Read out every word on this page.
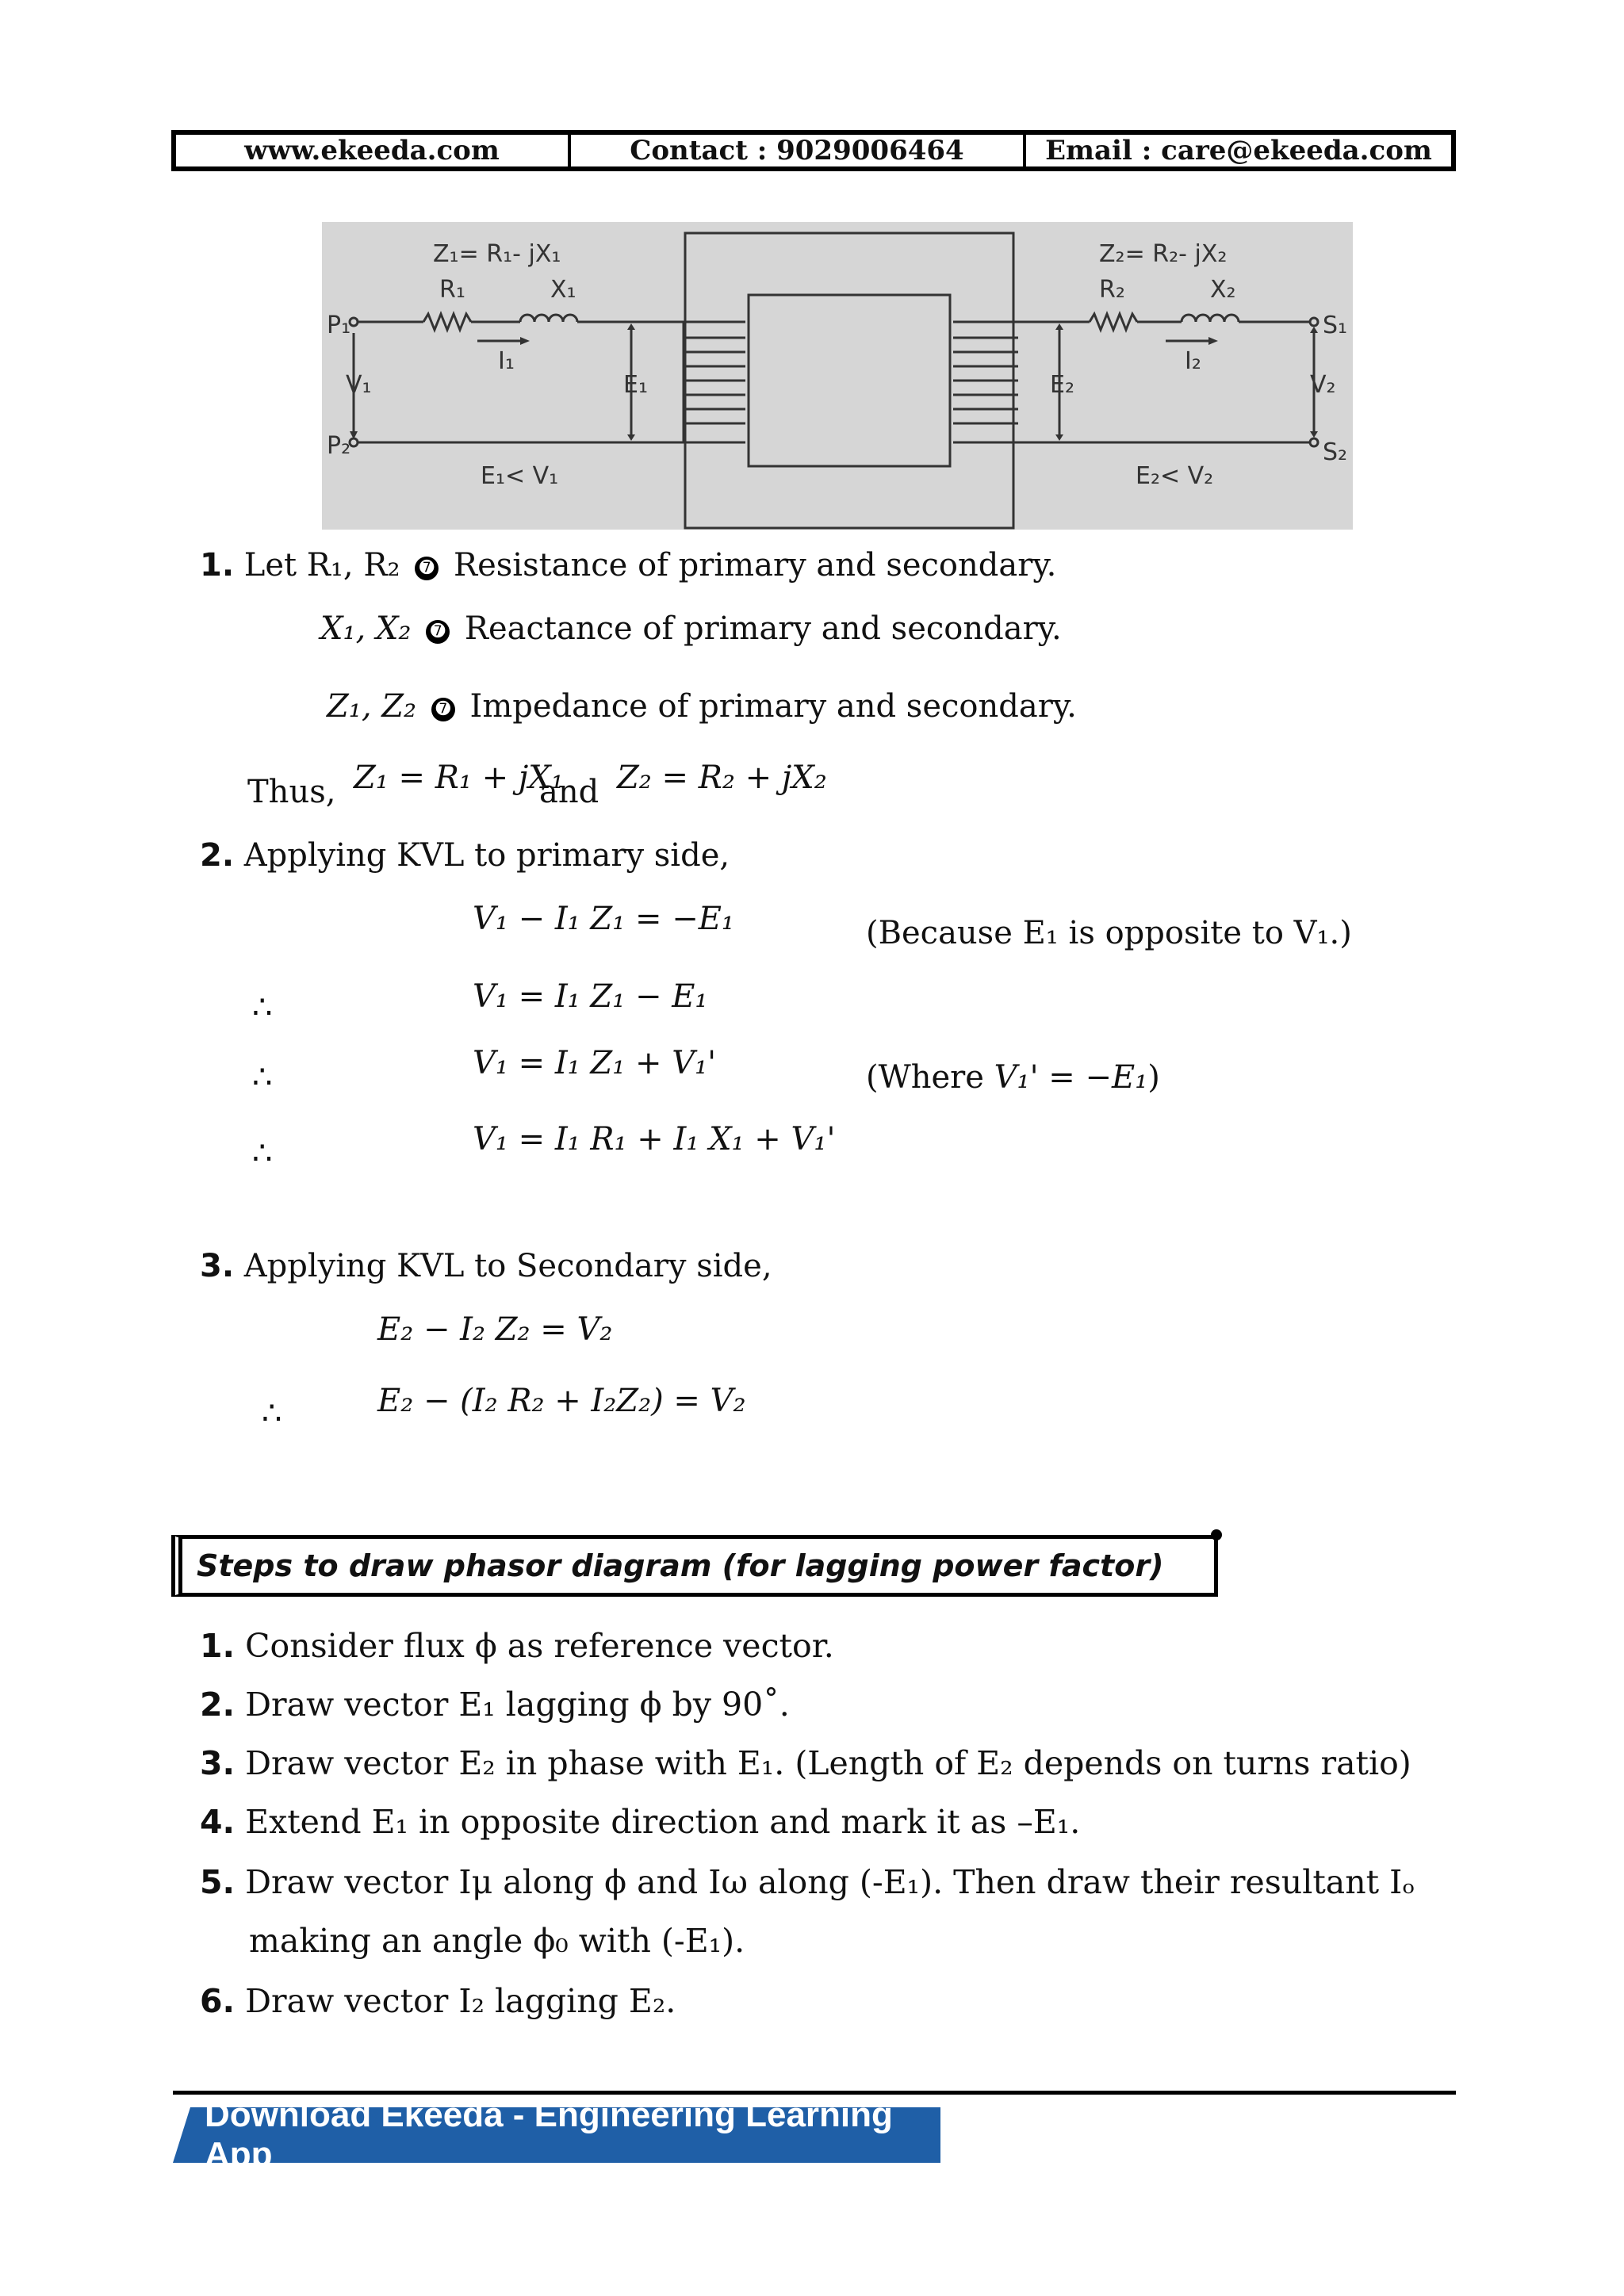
www.ekeeda.com	Contact : 9029006464	Email : care@ekeeda.com
Z₁= R₁- jX₁
R₁	X₁
P₁
P₂
V₁
I₁
E₁
E₁< V₁
Z₂= R₂- jX₂
R₂	X₂
S₁
S₂
V₂
I₂
E₂
E₂< V₂
1. Let R₁, R₂ ➐ Resistance of primary and secondary.
X₁, X₂ ➐ Reactance of primary and secondary.
Z₁, Z₂ ➐ Impedance of primary and secondary.
Thus, Z₁ = R₁ + jX₁
and Z₂ = R₂ + jX₂
2. Applying KVL to primary side,
V₁ − I₁ Z₁ = −E₁	(Because E₁ is opposite to V₁.)
∴	V₁ = I₁ Z₁ − E₁
∴	V₁ = I₁ Z₁ + V₁'	(Where V₁' = −E₁)
∴	V₁ = I₁ R₁ + I₁ X₁ + V₁'
3. Applying KVL to Secondary side,
E₂ − I₂ Z₂ = V₂
∴	E₂ − (I₂ R₂ + I₂Z₂) = V₂
Steps to draw phasor diagram (for lagging power factor)
1. Consider flux ϕ as reference vector.
2. Draw vector E₁ lagging ϕ by 90˚.
3. Draw vector E₂ in phase with E₁. (Length of E₂ depends on turns ratio)
4. Extend E₁ in opposite direction and mark it as –E₁.
5. Draw vector Iμ along ϕ and Iω along (-E₁). Then draw their resultant Iₒ
making an angle ϕ₀ with (-E₁).
6. Draw vector I₂ lagging E₂.
Download Ekeeda - Engineering Learning App
